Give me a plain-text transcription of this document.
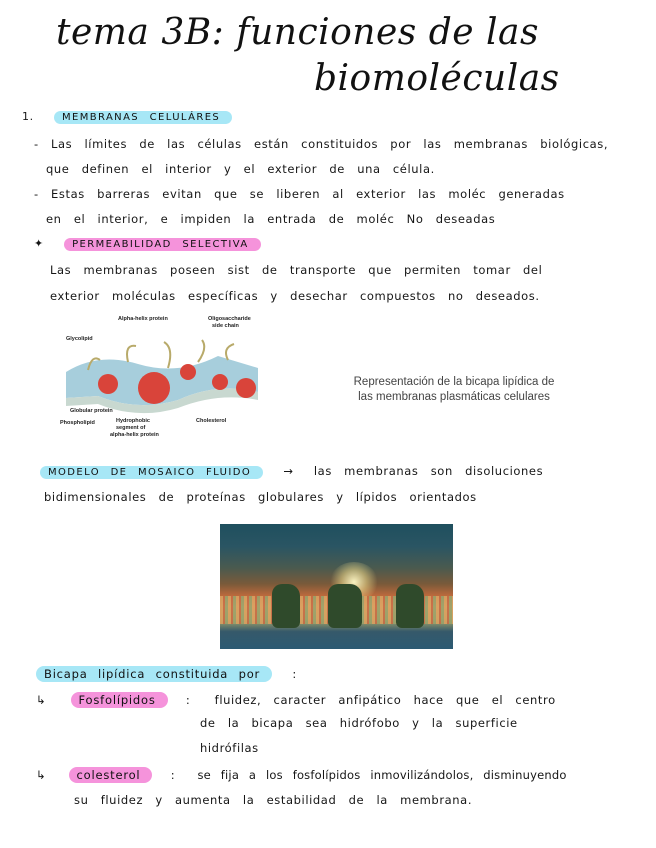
tema 3B: funciones de las
biomoléculas
1.	MEMBRANAS CELULÁRES
- Las límites de las células están constituidos por las membranas biológicas,
que definen el interior y el exterior de una célula.
- Estas barreras evitan que se liberen al exterior las moléc generadas
en el interior, e impiden la entrada de moléc No deseadas
✦	PERMEABILIDAD SELECTIVA
Las membranas poseen sist de transporte que permiten tomar del
exterior moléculas específicas y desechar compuestos no deseados.
Alpha-helix protein	Oligosaccharide
side chain
Glycolipid
Globular protein
Phospholipid	Hydrophobic
segment of
alpha-helix protein
Cholesterol
Representación de la bicapa lipídica de
las membranas plasmáticas celulares
MODELO DE MOSAICO FLUIDO	→ las membranas son disoluciones
bidimensionales de proteínas globulares y lípidos orientados
Bicapa lipídica constituida por	:
↳	Fosfolípidos	: fluidez, caracter anfipático hace que el centro
de la bicapa sea hidrófobo y la superficie
hidrófilas
↳	colesterol	: se fija a los fosfolípidos inmovilizándolos, disminuyendo
su fluidez y aumenta la estabilidad de la membrana.
